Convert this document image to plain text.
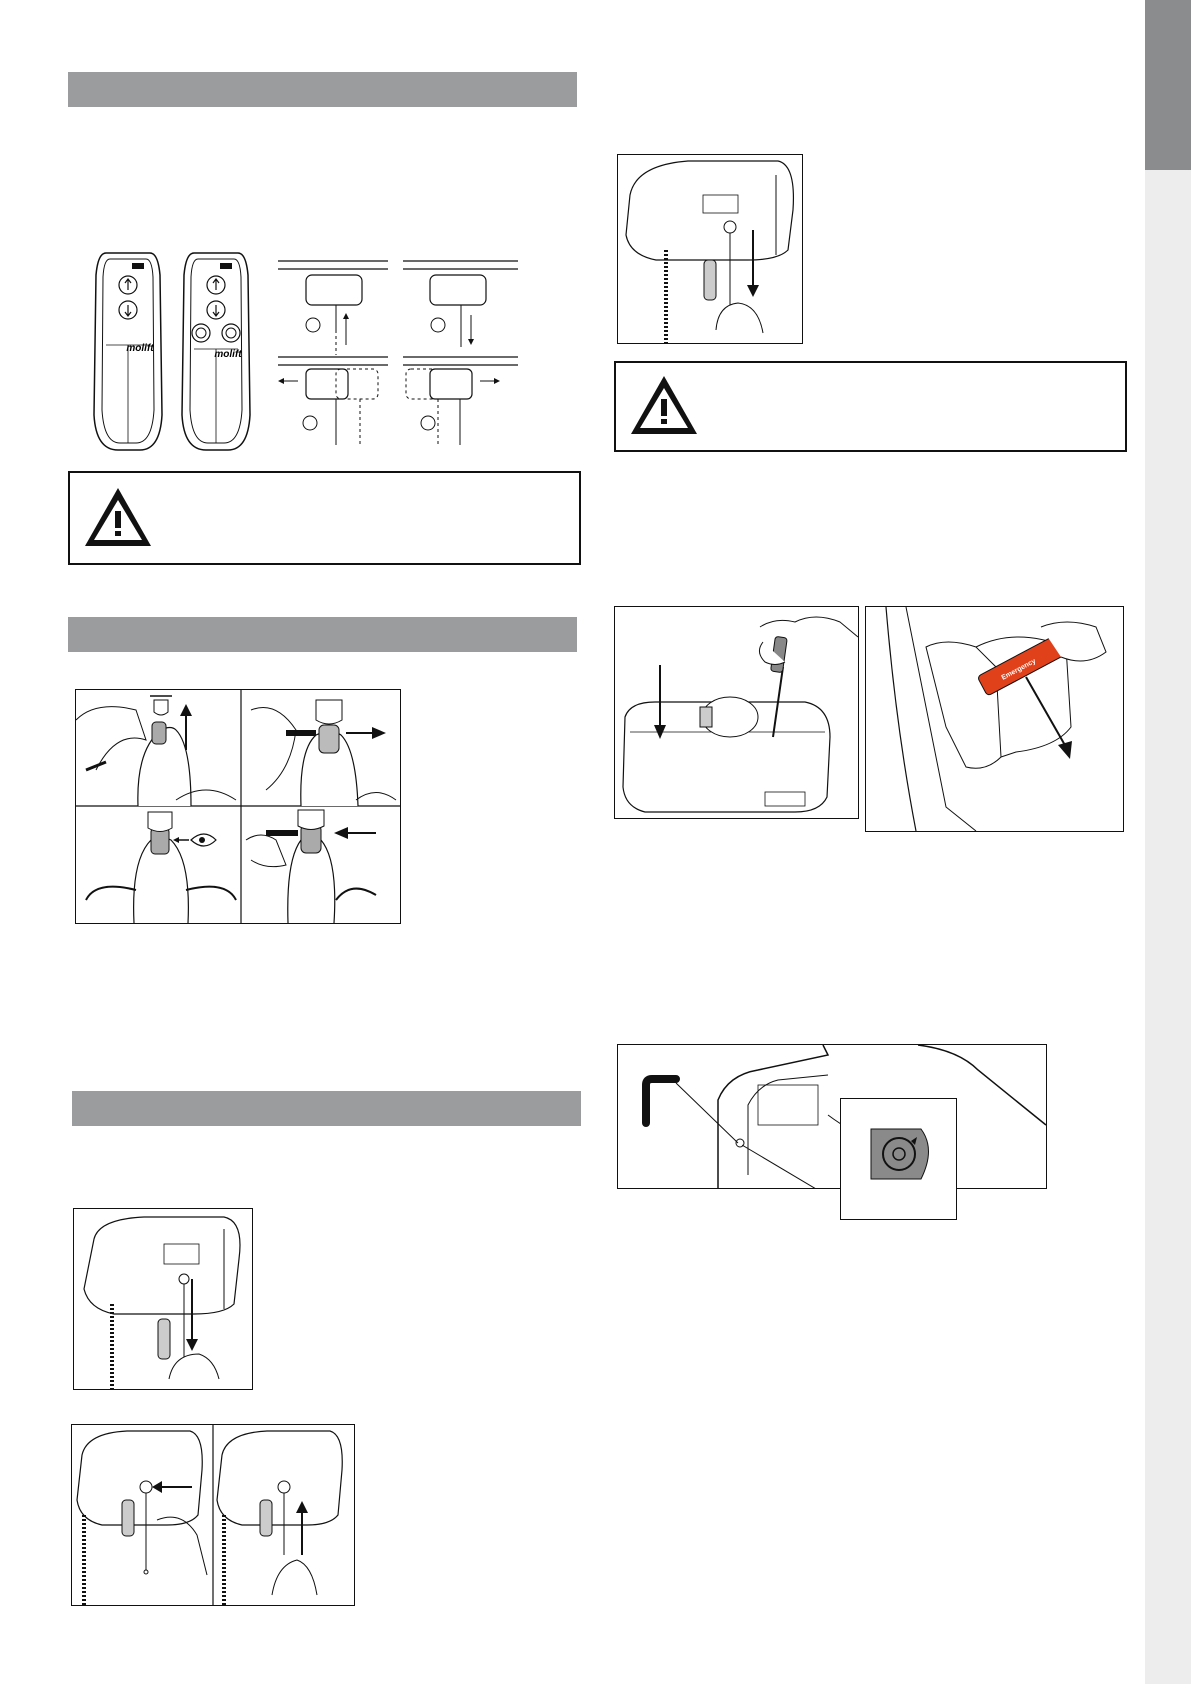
molift
molift
Emergency
